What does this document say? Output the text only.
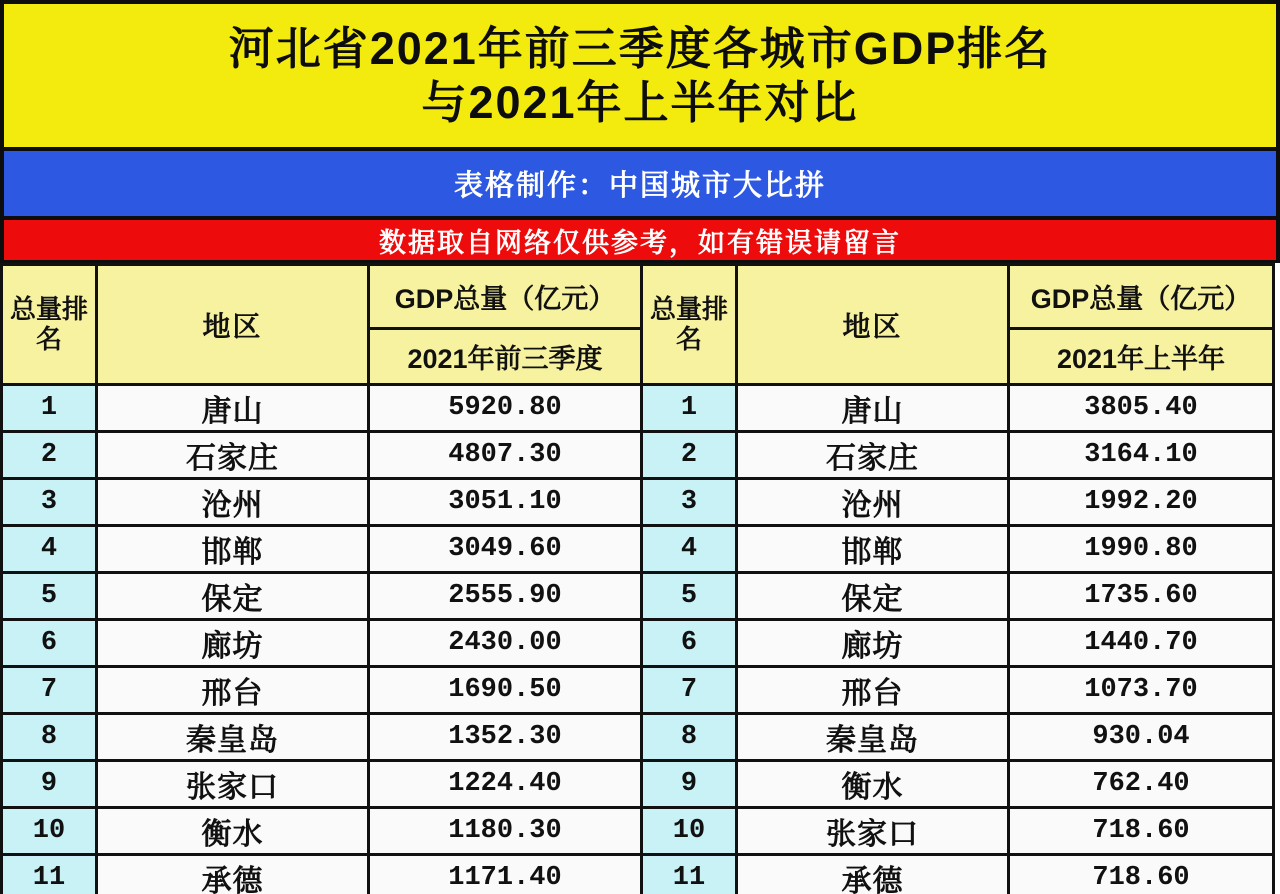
河北省2021年前三季度各城市GDP排名
与2021年上半年对比
表格制作：中国城市大比拼
数据取自网络仅供参考，如有错误请留言
总量排名	地区	GDP总量（亿元）	总量排名	地区	GDP总量（亿元）
		2021年前三季度			2021年上半年
1	唐山	5920.80	1	唐山	3805.40
2	石家庄	4807.30	2	石家庄	3164.10
3	沧州	3051.10	3	沧州	1992.20
4	邯郸	3049.60	4	邯郸	1990.80
5	保定	2555.90	5	保定	1735.60
6	廊坊	2430.00	6	廊坊	1440.70
7	邢台	1690.50	7	邢台	1073.70
8	秦皇岛	1352.30	8	秦皇岛	930.04
9	张家口	1224.40	9	衡水	762.40
10	衡水	1180.30	10	张家口	718.60
11	承德	1171.40	11	承德	718.60
